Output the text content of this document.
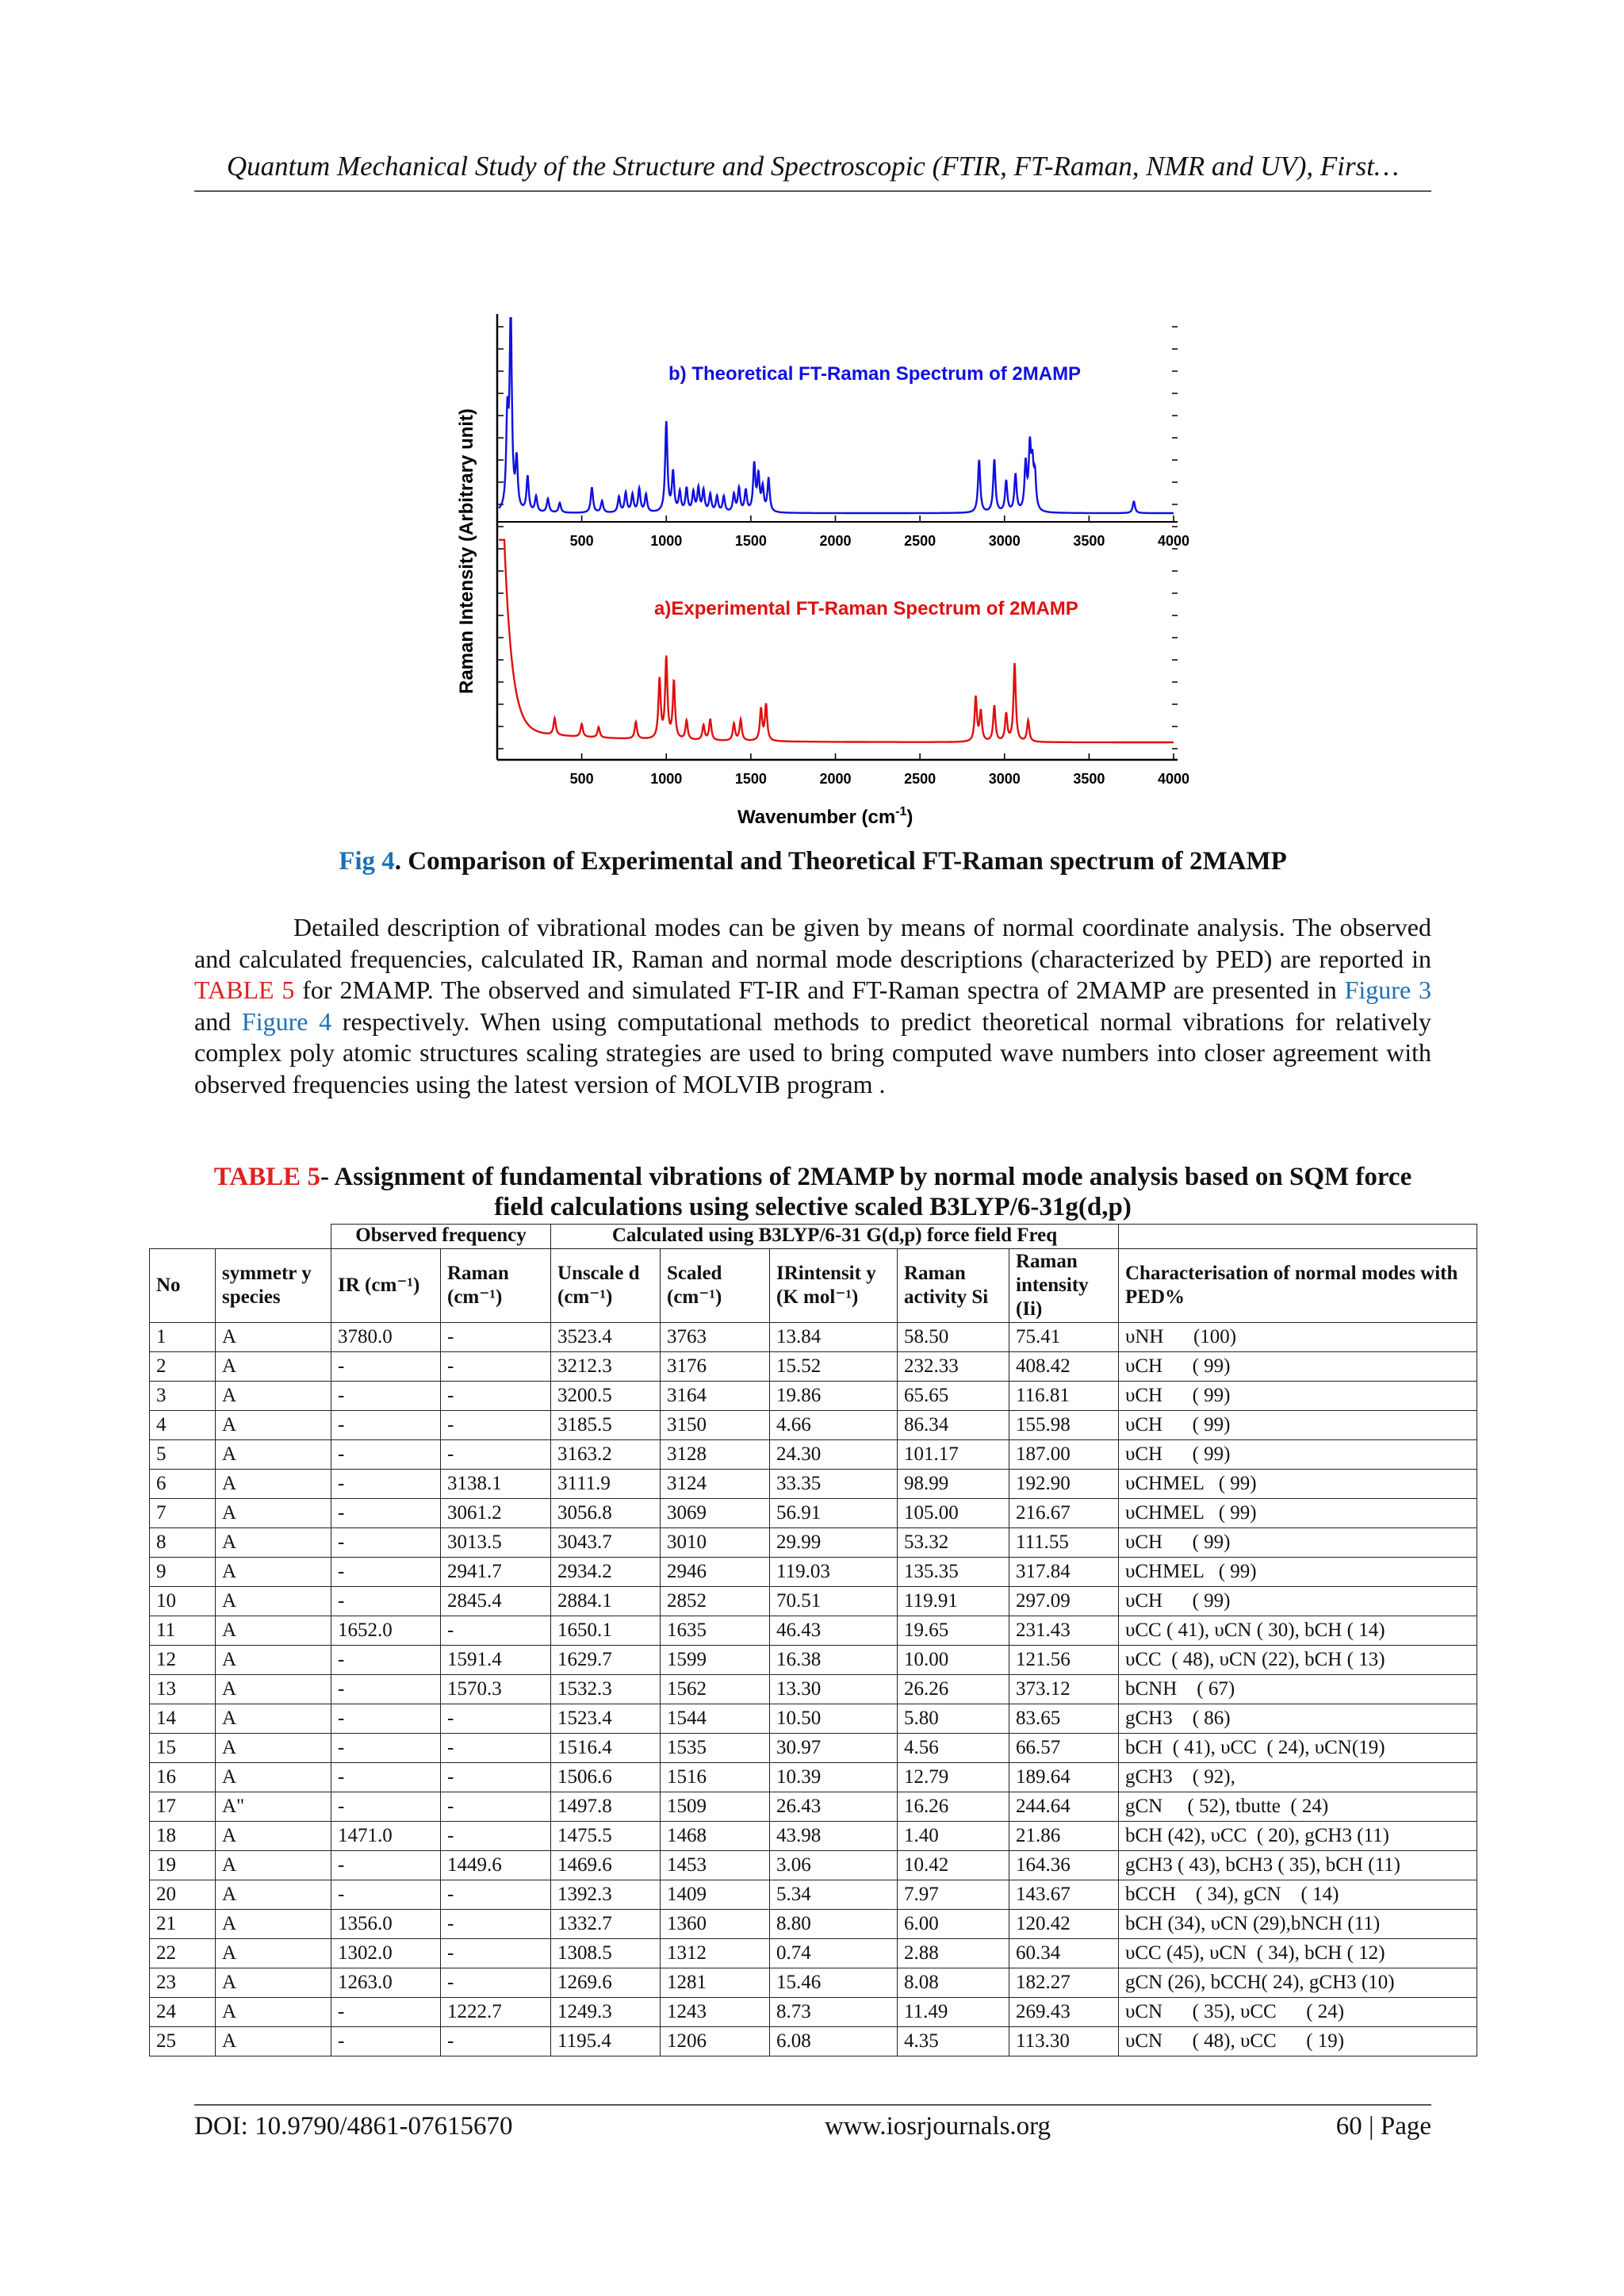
Quantum Mechanical Study of the Structure and Spectroscopic (FTIR, FT-Raman, NMR and UV), First…
500
500
1000
1000
1500
1500
2000
2000
2500
2500
3000
3000
3500
3500
4000
4000
b) Theoretical FT-Raman Spectrum of 2MAMP
a)Experimental FT-Raman Spectrum of 2MAMP
Raman Intensity (Arbitrary unit)
Wavenumber $(cm^{-1})$
Fig 4. Comparison of Experimental and Theoretical FT-Raman spectrum of 2MAMP
Detailed description of vibrational modes can be given by means of normal coordinate analysis. The observed and calculated frequencies, calculated IR, Raman and normal mode descriptions (characterized by PED) are reported in TABLE 5 for 2MAMP. The observed and simulated FT-IR and FT-Raman spectra of 2MAMP are presented in Figure 3 and Figure 4 respectively. When using computational methods to predict theoretical normal vibrations for relatively complex poly atomic structures scaling strategies are used to bring computed wave numbers into closer agreement with observed frequencies using the latest version of MOLVIB program .
TABLE 5- Assignment of fundamental vibrations of 2MAMP by normal mode analysis based on SQM force field calculations using selective scaled B3LYP/6-31g(d,p)
		Observed frequency		Calculated using B3LYP/6-31 G(d,p) force field Freq					
No	symmetr y species	IR (cm⁻¹)	Raman (cm⁻¹)	Unscale d (cm⁻¹)	Scaled (cm⁻¹)	IRintensit y (K mol⁻¹)	Raman activity Si	Raman intensity (Ii)	Characterisation of normal modes with PED%
1	A	3780.0	-	3523.4	3763	13.84	58.50	75.41	υNH      (100)
2	A	-	-	3212.3	3176	15.52	232.33	408.42	υCH      ( 99)
3	A	-	-	3200.5	3164	19.86	65.65	116.81	υCH      ( 99)
4	A	-	-	3185.5	3150	4.66	86.34	155.98	υCH      ( 99)
5	A	-	-	3163.2	3128	24.30	101.17	187.00	υCH      ( 99)
6	A	-	3138.1	3111.9	3124	33.35	98.99	192.90	υCHMEL   ( 99)
7	A	-	3061.2	3056.8	3069	56.91	105.00	216.67	υCHMEL   ( 99)
8	A	-	3013.5	3043.7	3010	29.99	53.32	111.55	υCH      ( 99)
9	A	-	2941.7	2934.2	2946	119.03	135.35	317.84	υCHMEL   ( 99)
10	A	-	2845.4	2884.1	2852	70.51	119.91	297.09	υCH      ( 99)
11	A	1652.0	-	1650.1	1635	46.43	19.65	231.43	υCC ( 41), υCN ( 30), bCH ( 14)
12	A	-	1591.4	1629.7	1599	16.38	10.00	121.56	υCC  ( 48), υCN (22), bCH ( 13)
13	A	-	1570.3	1532.3	1562	13.30	26.26	373.12	bCNH    ( 67)
14	A	-	-	1523.4	1544	10.50	5.80	83.65	gCH3    ( 86)
15	A	-	-	1516.4	1535	30.97	4.56	66.57	bCH  ( 41), υCC  ( 24), υCN(19)
16	A	-	-	1506.6	1516	10.39	12.79	189.64	gCH3    ( 92),
17	A"	-	-	1497.8	1509	26.43	16.26	244.64	gCN     ( 52), tbutte  ( 24)
18	A	1471.0	-	1475.5	1468	43.98	1.40	21.86	bCH (42), υCC  ( 20), gCH3 (11)
19	A	-	1449.6	1469.6	1453	3.06	10.42	164.36	gCH3 ( 43), bCH3 ( 35), bCH (11)
20	A	-	-	1392.3	1409	5.34	7.97	143.67	bCCH    ( 34), gCN    ( 14)
21	A	1356.0	-	1332.7	1360	8.80	6.00	120.42	bCH (34), υCN (29),bNCH (11)
22	A	1302.0	-	1308.5	1312	0.74	2.88	60.34	υCC (45), υCN  ( 34), bCH ( 12)
23	A	1263.0	-	1269.6	1281	15.46	8.08	182.27	gCN (26), bCCH( 24), gCH3 (10)
24	A	-	1222.7	1249.3	1243	8.73	11.49	269.43	υCN      ( 35), υCC      ( 24)
25	A	-	-	1195.4	1206	6.08	4.35	113.30	υCN      ( 48), υCC      ( 19)
DOI: 10.9790/4861-07615670	www.iosrjournals.org	60 | Page
